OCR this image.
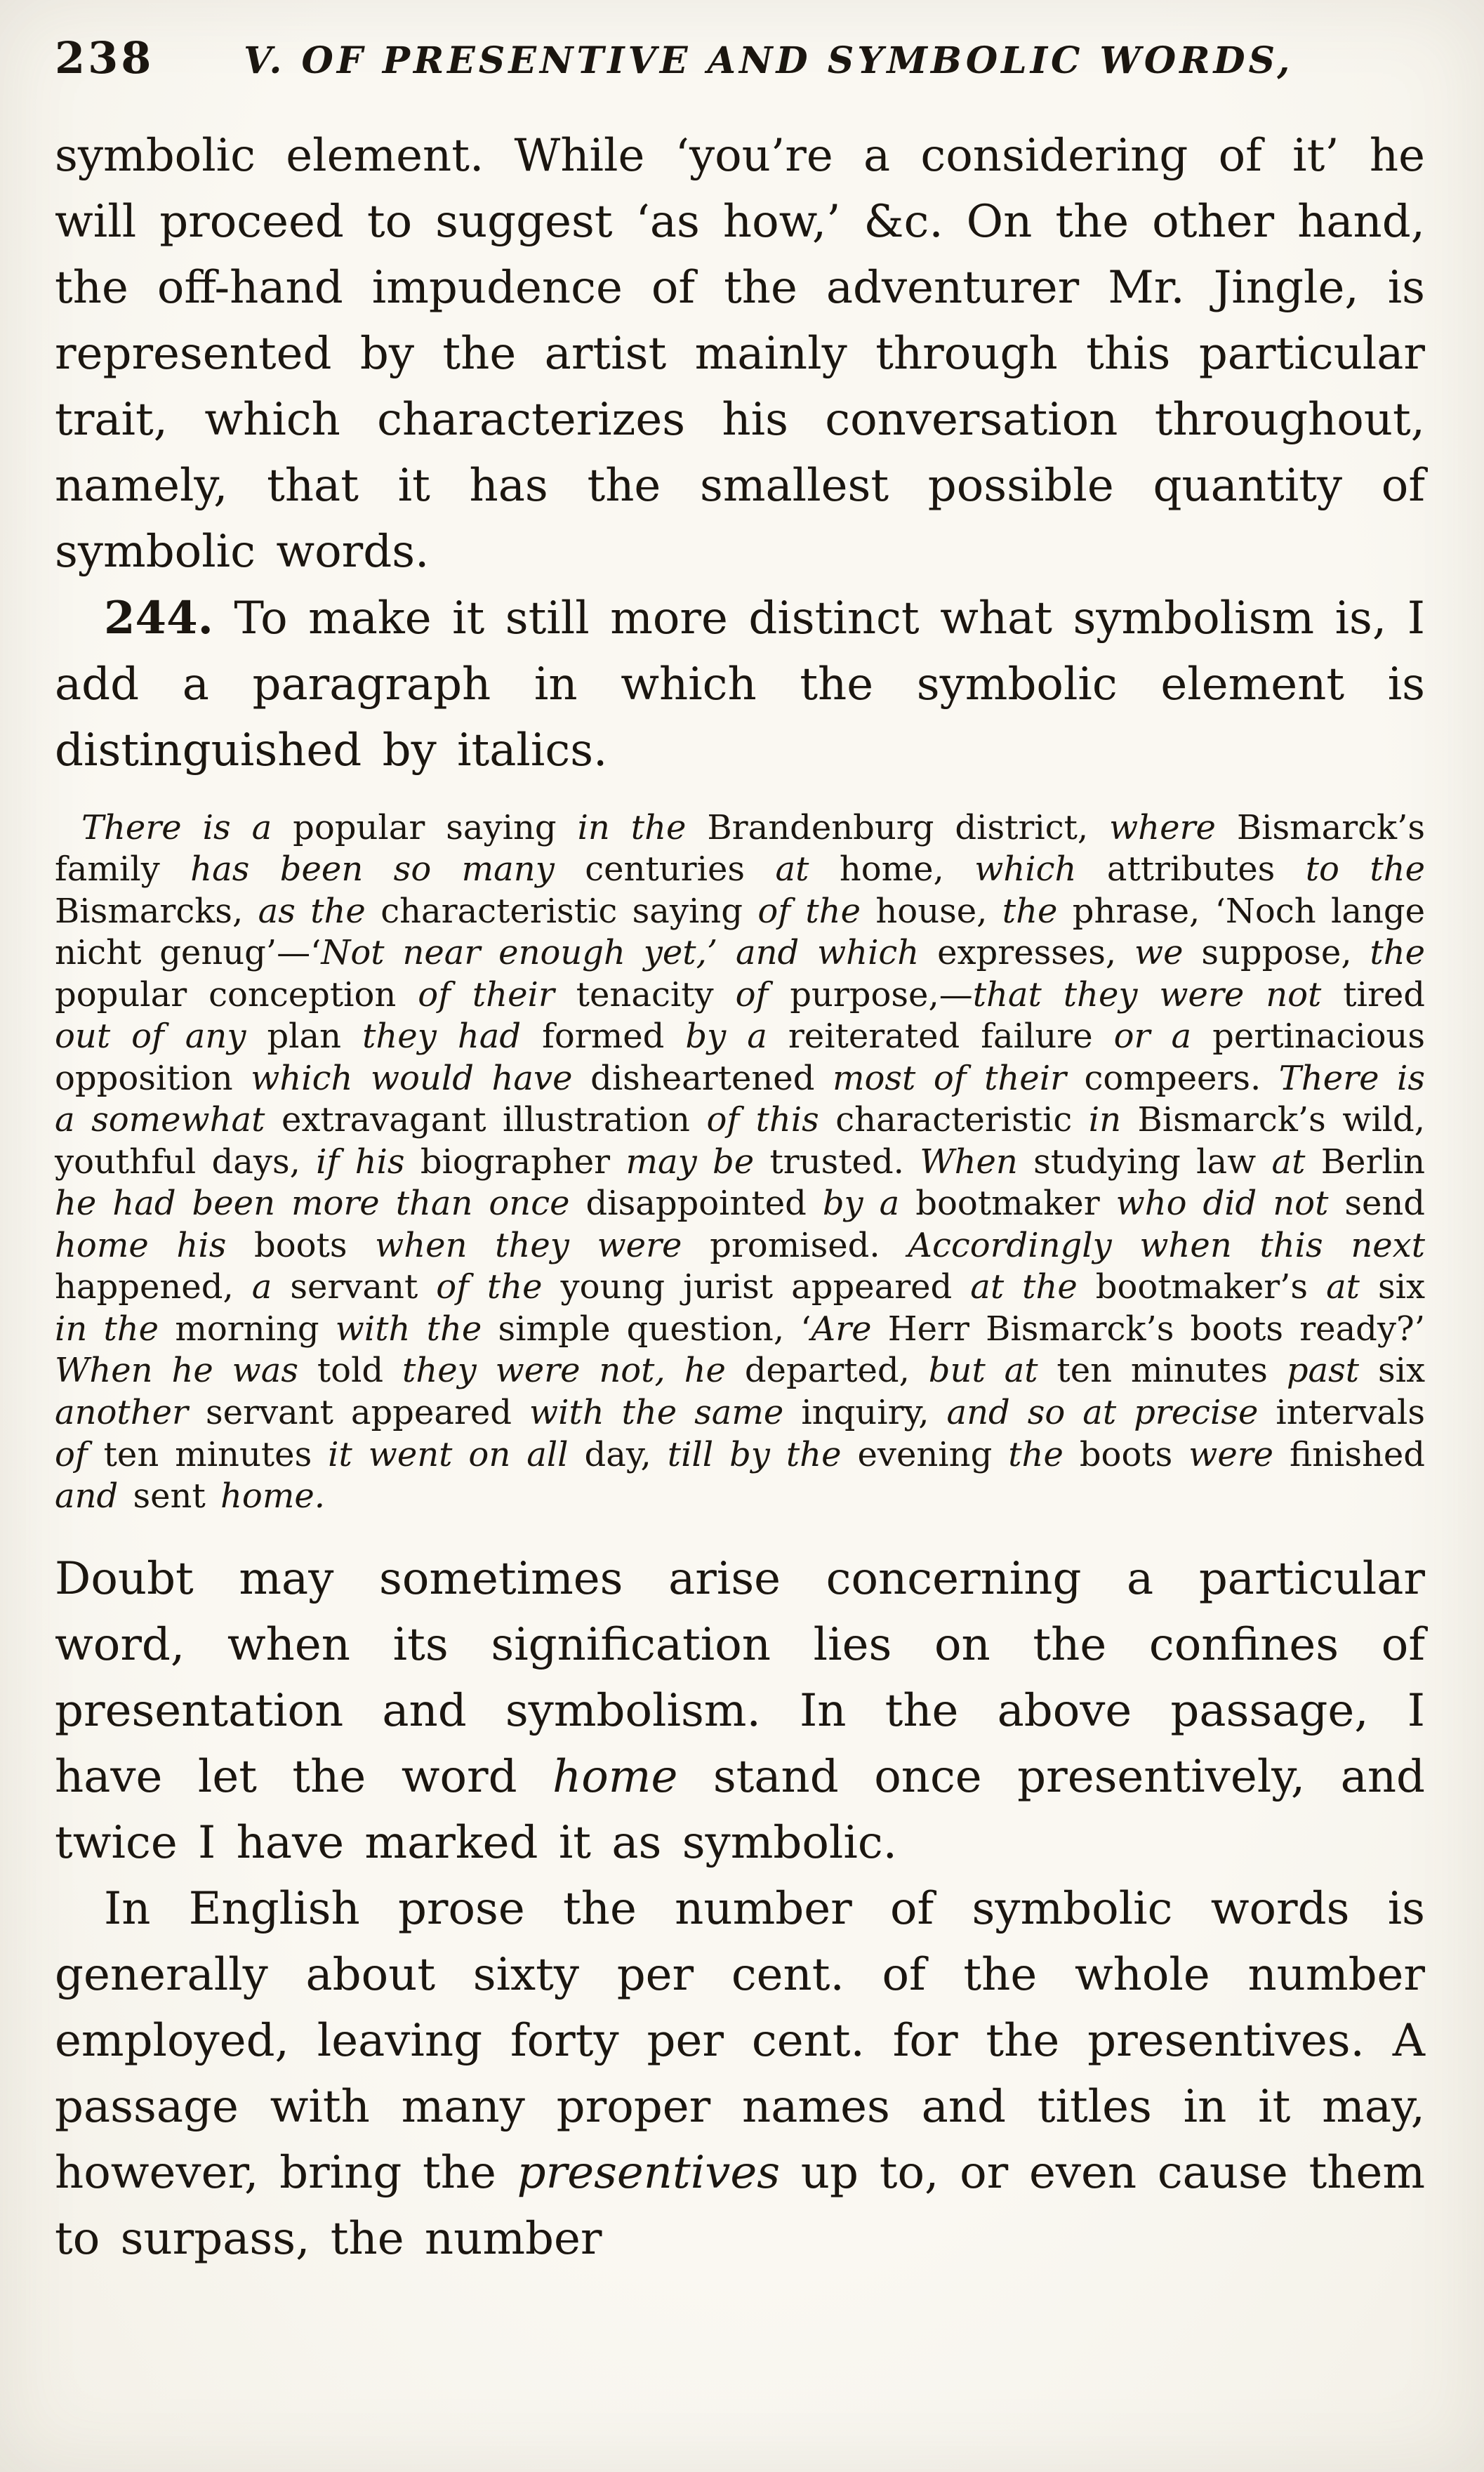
238	V. OF PRESENTIVE AND SYMBOLIC WORDS,

symbolic element. While ‘you’re a considering of it’ he will proceed to suggest ‘as how,’ &c. On the other hand, the off-hand impudence of the adventurer Mr. Jingle, is represented by the artist mainly through this particular trait, which characterizes his conversation throughout, namely, that it has the smallest possible quantity of symbolic words.

244. To make it still more distinct what symbolism is, I add a paragraph in which the symbolic element is distinguished by italics.

There is a popular saying in the Brandenburg district, where Bismarck’s family has been so many centuries at home, which attributes to the Bismarcks, as the characteristic saying of the house, the phrase, ‘Noch lange nicht genug’—‘Not near enough yet,’ and which expresses, we suppose, the popular conception of their tenacity of purpose,—that they were not tired out of any plan they had formed by a reiterated failure or a pertinacious opposition which would have disheartened most of their compeers. There is a somewhat extravagant illustration of this characteristic in Bismarck’s wild, youthful days, if his biographer may be trusted. When studying law at Berlin he had been more than once disappointed by a bootmaker who did not send home his boots when they were promised. Accordingly when this next happened, a servant of the young jurist appeared at the bootmaker’s at six in the morning with the simple question, ‘Are Herr Bismarck’s boots ready?’ When he was told they were not, he departed, but at ten minutes past six another servant appeared with the same inquiry, and so at precise intervals of ten minutes it went on all day, till by the evening the boots were finished and sent home.

Doubt may sometimes arise concerning a particular word, when its signification lies on the confines of presentation and symbolism. In the above passage, I have let the word home stand once presentively, and twice I have marked it as symbolic.

In English prose the number of symbolic words is generally about sixty per cent. of the whole number employed, leaving forty per cent. for the presentives. A passage with many proper names and titles in it may, however, bring the presentives up to, or even cause them to surpass, the number
